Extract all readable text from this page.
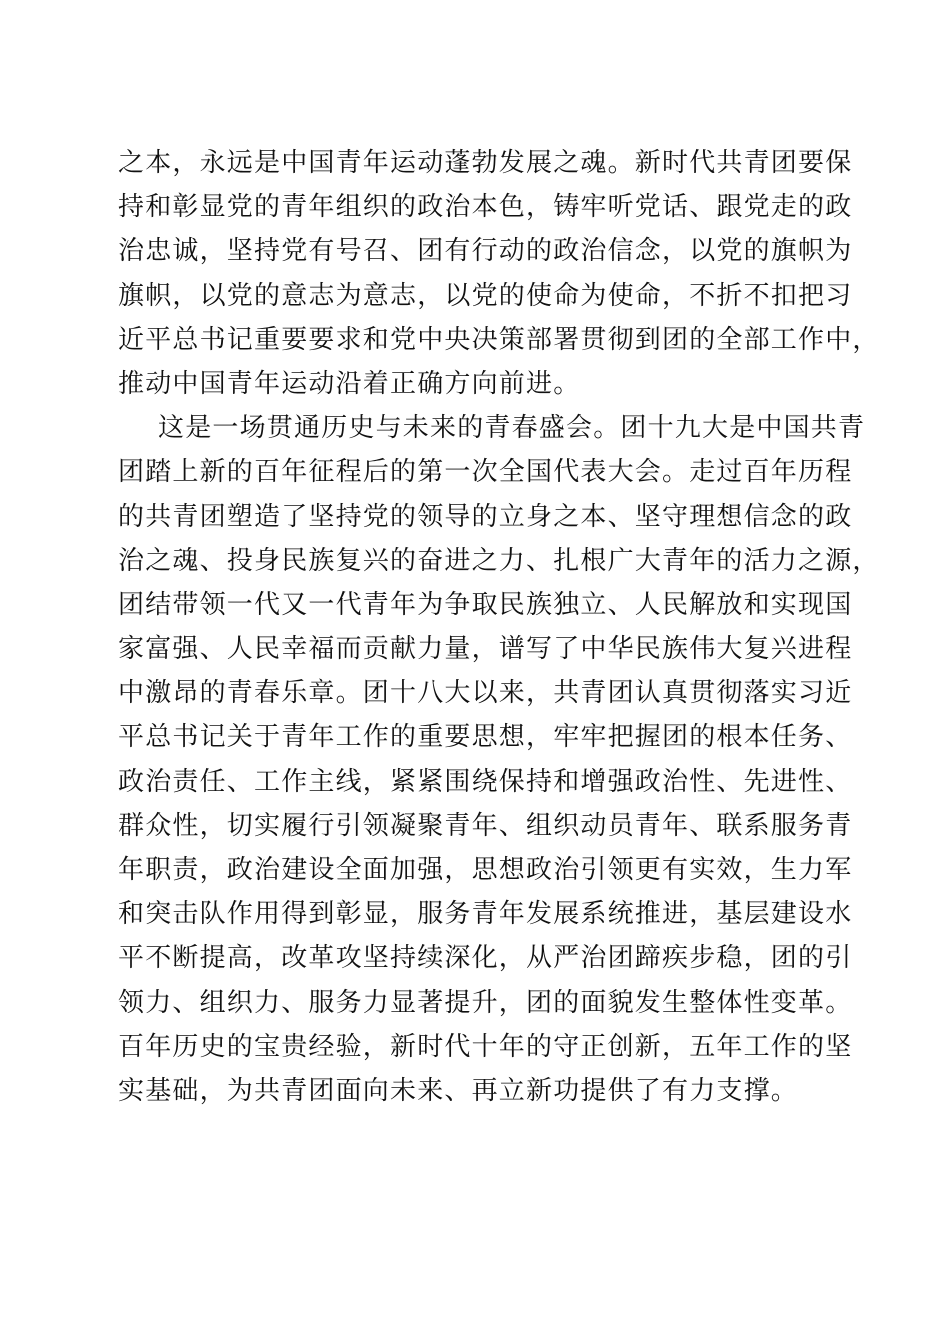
之本，永远是中国青年运动蓬勃发展之魂。新时代共青团要保
持和彰显党的青年组织的政治本色，铸牢听党话、跟党走的政
治忠诚，坚持党有号召、团有行动的政治信念，以党的旗帜为
旗帜，以党的意志为意志，以党的使命为使命，不折不扣把习
近平总书记重要要求和党中央决策部署贯彻到团的全部工作中，
推动中国青年运动沿着正确方向前进。
这是一场贯通历史与未来的青春盛会。团十九大是中国共青
团踏上新的百年征程后的第一次全国代表大会。走过百年历程
的共青团塑造了坚持党的领导的立身之本、坚守理想信念的政
治之魂、投身民族复兴的奋进之力、扎根广大青年的活力之源，
团结带领一代又一代青年为争取民族独立、人民解放和实现国
家富强、人民幸福而贡献力量，谱写了中华民族伟大复兴进程
中激昂的青春乐章。团十八大以来，共青团认真贯彻落实习近
平总书记关于青年工作的重要思想，牢牢把握团的根本任务、
政治责任、工作主线，紧紧围绕保持和增强政治性、先进性、
群众性，切实履行引领凝聚青年、组织动员青年、联系服务青
年职责，政治建设全面加强，思想政治引领更有实效，生力军
和突击队作用得到彰显，服务青年发展系统推进，基层建设水
平不断提高，改革攻坚持续深化，从严治团蹄疾步稳，团的引
领力、组织力、服务力显著提升，团的面貌发生整体性变革。
百年历史的宝贵经验，新时代十年的守正创新，五年工作的坚
实基础，为共青团面向未来、再立新功提供了有力支撑。
